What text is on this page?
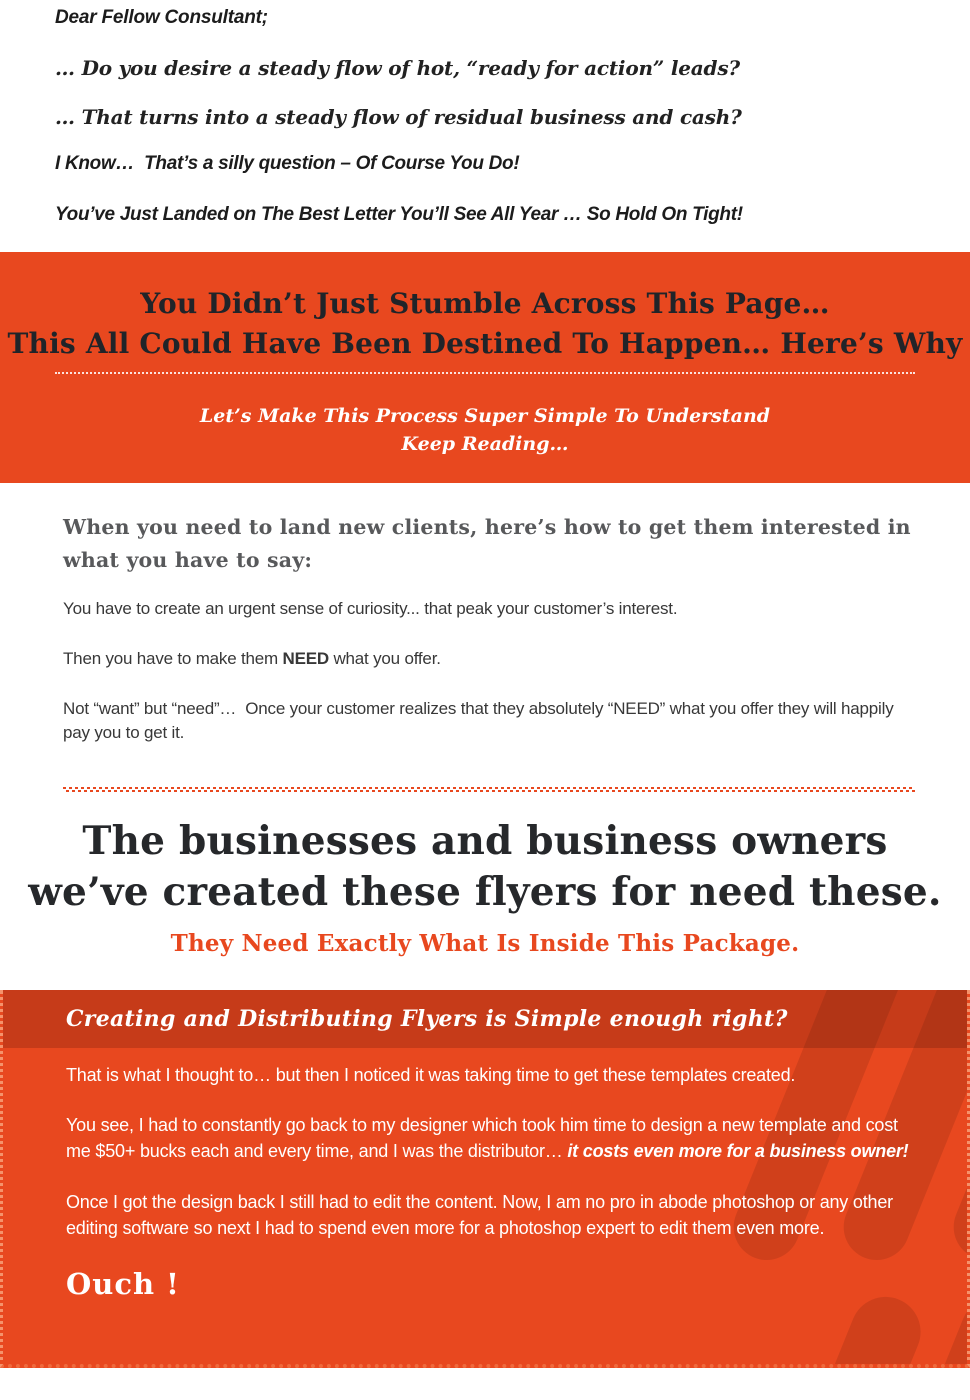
Dear Fellow Consultant;

… Do you desire a steady flow of hot, “ready for action” leads?

… That turns into a steady flow of residual business and cash?

I Know…  That’s a silly question – Of Course You Do!

You’ve Just Landed on The Best Letter You’ll See All Year … So Hold On Tight!

You Didn’t Just Stumble Across This Page…
This All Could Have Been Destined To Happen… Here’s Why
Let’s Make This Process Super Simple To Understand
Keep Reading…
When you need to land new clients, here’s how to get them interested in what you have to say:

You have to create an urgent sense of curiosity... that peak your customer’s interest.

Then you have to make them NEED what you offer.

Not “want” but “need”…  Once your customer realizes that they absolutely “NEED” what you offer they will happily pay you to get it.

The businesses and business owners
we’ve created these flyers for need these.
They Need Exactly What Is Inside This Package.
Creating and Distributing Flyers is Simple enough right?

That is what I thought to… but then I noticed it was taking time to get these templates created.

You see, I had to constantly go back to my designer which took him time to design a new template and cost me $50+ bucks each and every time, and I was the distributor… it costs even more for a business owner!

Once I got the design back I still had to edit the content. Now, I am no pro in abode photoshop or any other editing software so next I had to spend even more for a photoshop expert to edit them even more.

Ouch !
